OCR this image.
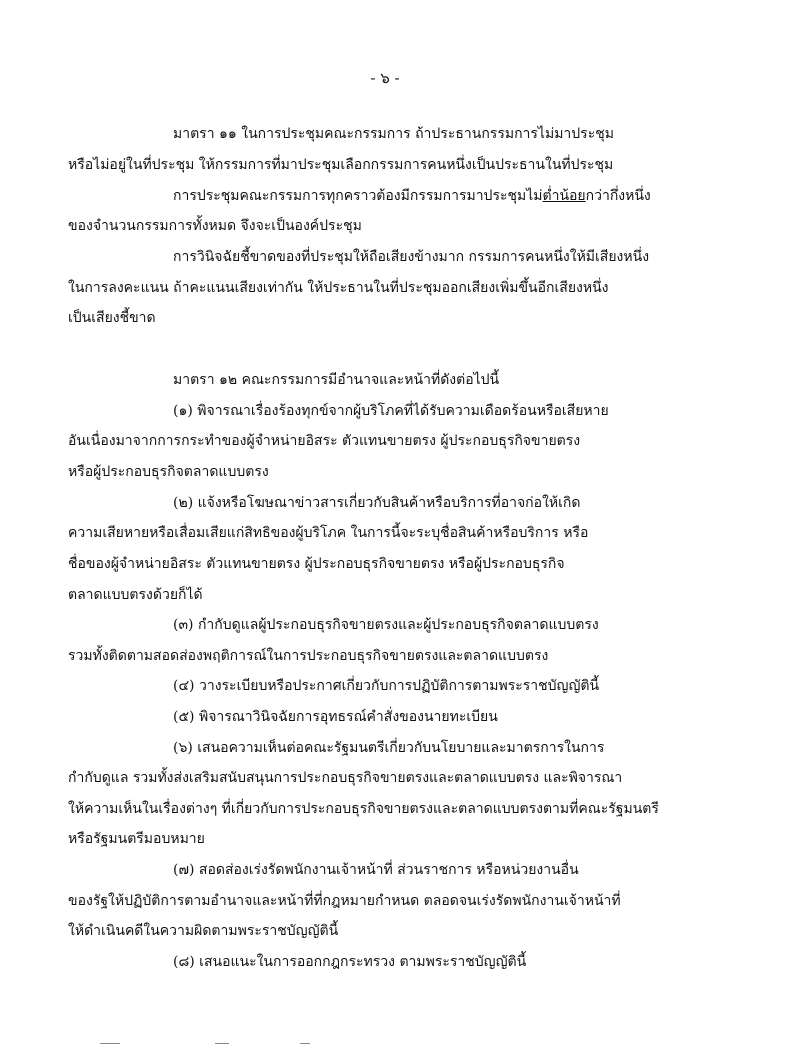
- ๖ -
มาตรา ๑๑ ในการประชุมคณะกรรมการ ถ้าประธานกรรมการไม่มาประชุม
หรือไม่อยู่ในที่ประชุม ให้กรรมการที่มาประชุมเลือกกรรมการคนหนึ่งเป็นประธานในที่ประชุม
การประชุมคณะกรรมการทุกคราวต้องมีกรรมการมาประชุมไม่ต่ำน้อยกว่ากึ่งหนึ่ง
ของจำนวนกรรมการทั้งหมด จึงจะเป็นองค์ประชุม
การวินิจฉัยชี้ขาดของที่ประชุมให้ถือเสียงข้างมาก กรรมการคนหนึ่งให้มีเสียงหนึ่ง
ในการลงคะแนน ถ้าคะแนนเสียงเท่ากัน ให้ประธานในที่ประชุมออกเสียงเพิ่มขึ้นอีกเสียงหนึ่ง
เป็นเสียงชี้ขาด
มาตรา ๑๒ คณะกรรมการมีอำนาจและหน้าที่ดังต่อไปนี้
(๑) พิจารณาเรื่องร้องทุกข์จากผู้บริโภคที่ได้รับความเดือดร้อนหรือเสียหาย
อันเนื่องมาจากการกระทำของผู้จำหน่ายอิสระ ตัวแทนขายตรง ผู้ประกอบธุรกิจขายตรง
หรือผู้ประกอบธุรกิจตลาดแบบตรง
(๒) แจ้งหรือโฆษณาข่าวสารเกี่ยวกับสินค้าหรือบริการที่อาจก่อให้เกิด
ความเสียหายหรือเสื่อมเสียแก่สิทธิของผู้บริโภค ในการนี้จะระบุชื่อสินค้าหรือบริการ หรือ
ชื่อของผู้จำหน่ายอิสระ ตัวแทนขายตรง ผู้ประกอบธุรกิจขายตรง หรือผู้ประกอบธุรกิจ
ตลาดแบบตรงด้วยก็ได้
(๓) กำกับดูแลผู้ประกอบธุรกิจขายตรงและผู้ประกอบธุรกิจตลาดแบบตรง
รวมทั้งติดตามสอดส่องพฤติการณ์ในการประกอบธุรกิจขายตรงและตลาดแบบตรง
(๔) วางระเบียบหรือประกาศเกี่ยวกับการปฏิบัติการตามพระราชบัญญัตินี้
(๕) พิจารณาวินิจฉัยการอุทธรณ์คำสั่งของนายทะเบียน
(๖) เสนอความเห็นต่อคณะรัฐมนตรีเกี่ยวกับนโยบายและมาตรการในการ
กำกับดูแล รวมทั้งส่งเสริมสนับสนุนการประกอบธุรกิจขายตรงและตลาดแบบตรง และพิจารณา
ให้ความเห็นในเรื่องต่างๆ ที่เกี่ยวกับการประกอบธุรกิจขายตรงและตลาดแบบตรงตามที่คณะรัฐมนตรี
หรือรัฐมนตรีมอบหมาย
(๗) สอดส่องเร่งรัดพนักงานเจ้าหน้าที่ ส่วนราชการ หรือหน่วยงานอื่น
ของรัฐให้ปฏิบัติการตามอำนาจและหน้าที่ที่กฎหมายกำหนด ตลอดจนเร่งรัดพนักงานเจ้าหน้าที่
ให้ดำเนินคดีในความผิดตามพระราชบัญญัตินี้
(๘) เสนอแนะในการออกกฎกระทรวง ตามพระราชบัญญัตินี้
